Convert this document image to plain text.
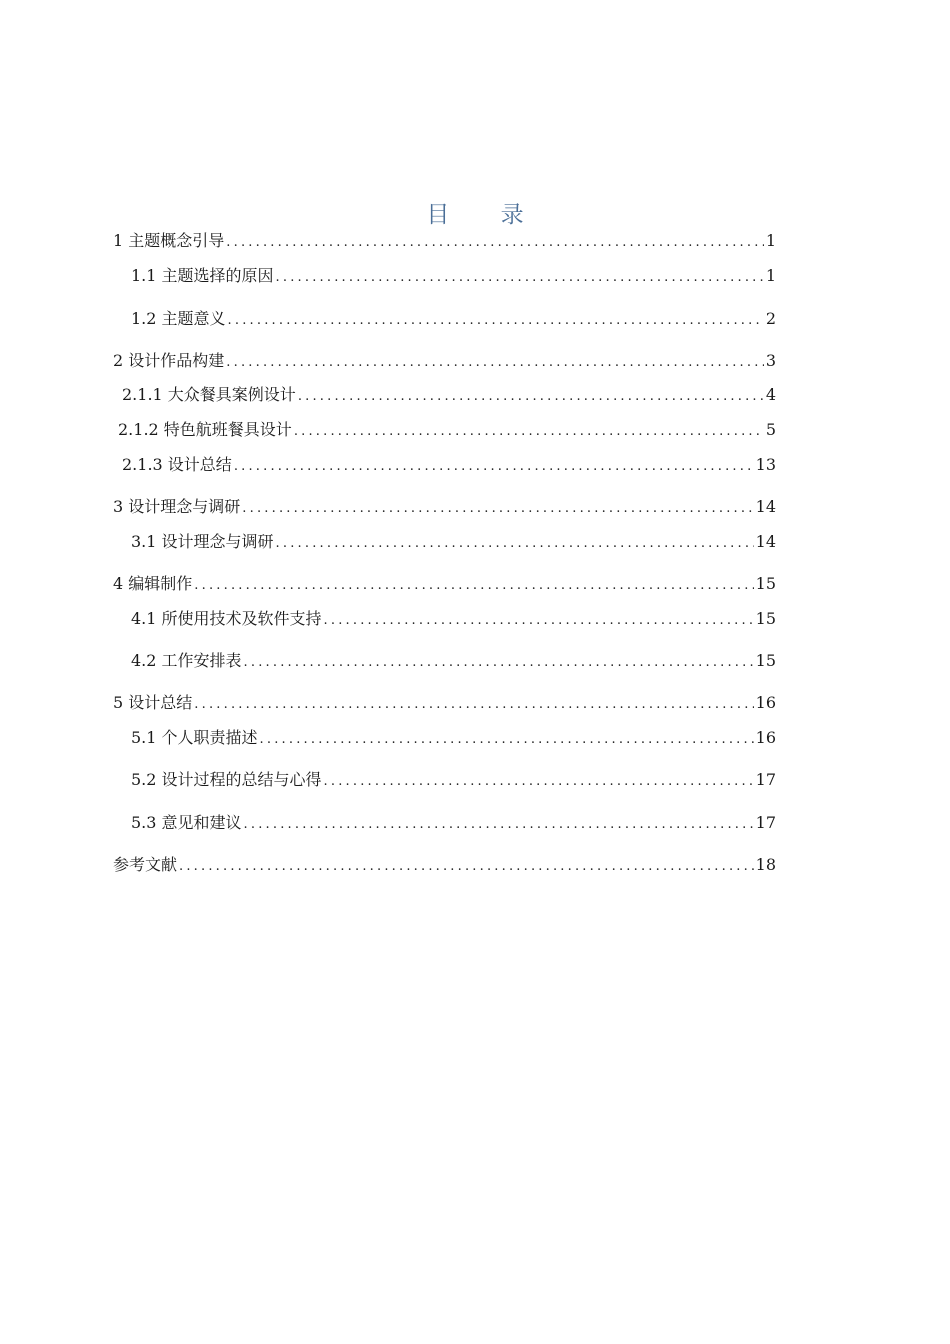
目 录
1 主题概念引导 .....	1
1.1 主题选择的原因 .....	1
1.2 主题意义 .....	2
2 设计作品构建 .....	3
2.1.1 大众餐具案例设计 .....	4
2.1.2 特色航班餐具设计 .....	5
2.1.3 设计总结 .....	13
3 设计理念与调研 .....	14
3.1 设计理念与调研 .....	14
4 编辑制作 .....	15
4.1 所使用技术及软件支持 .....	15
4.2 工作安排表 .....	15
5 设计总结 .....	16
5.1 个人职责描述 .....	16
5.2 设计过程的总结与心得 .....	17
5.3 意见和建议 .....	17
参考文献 .....	18
